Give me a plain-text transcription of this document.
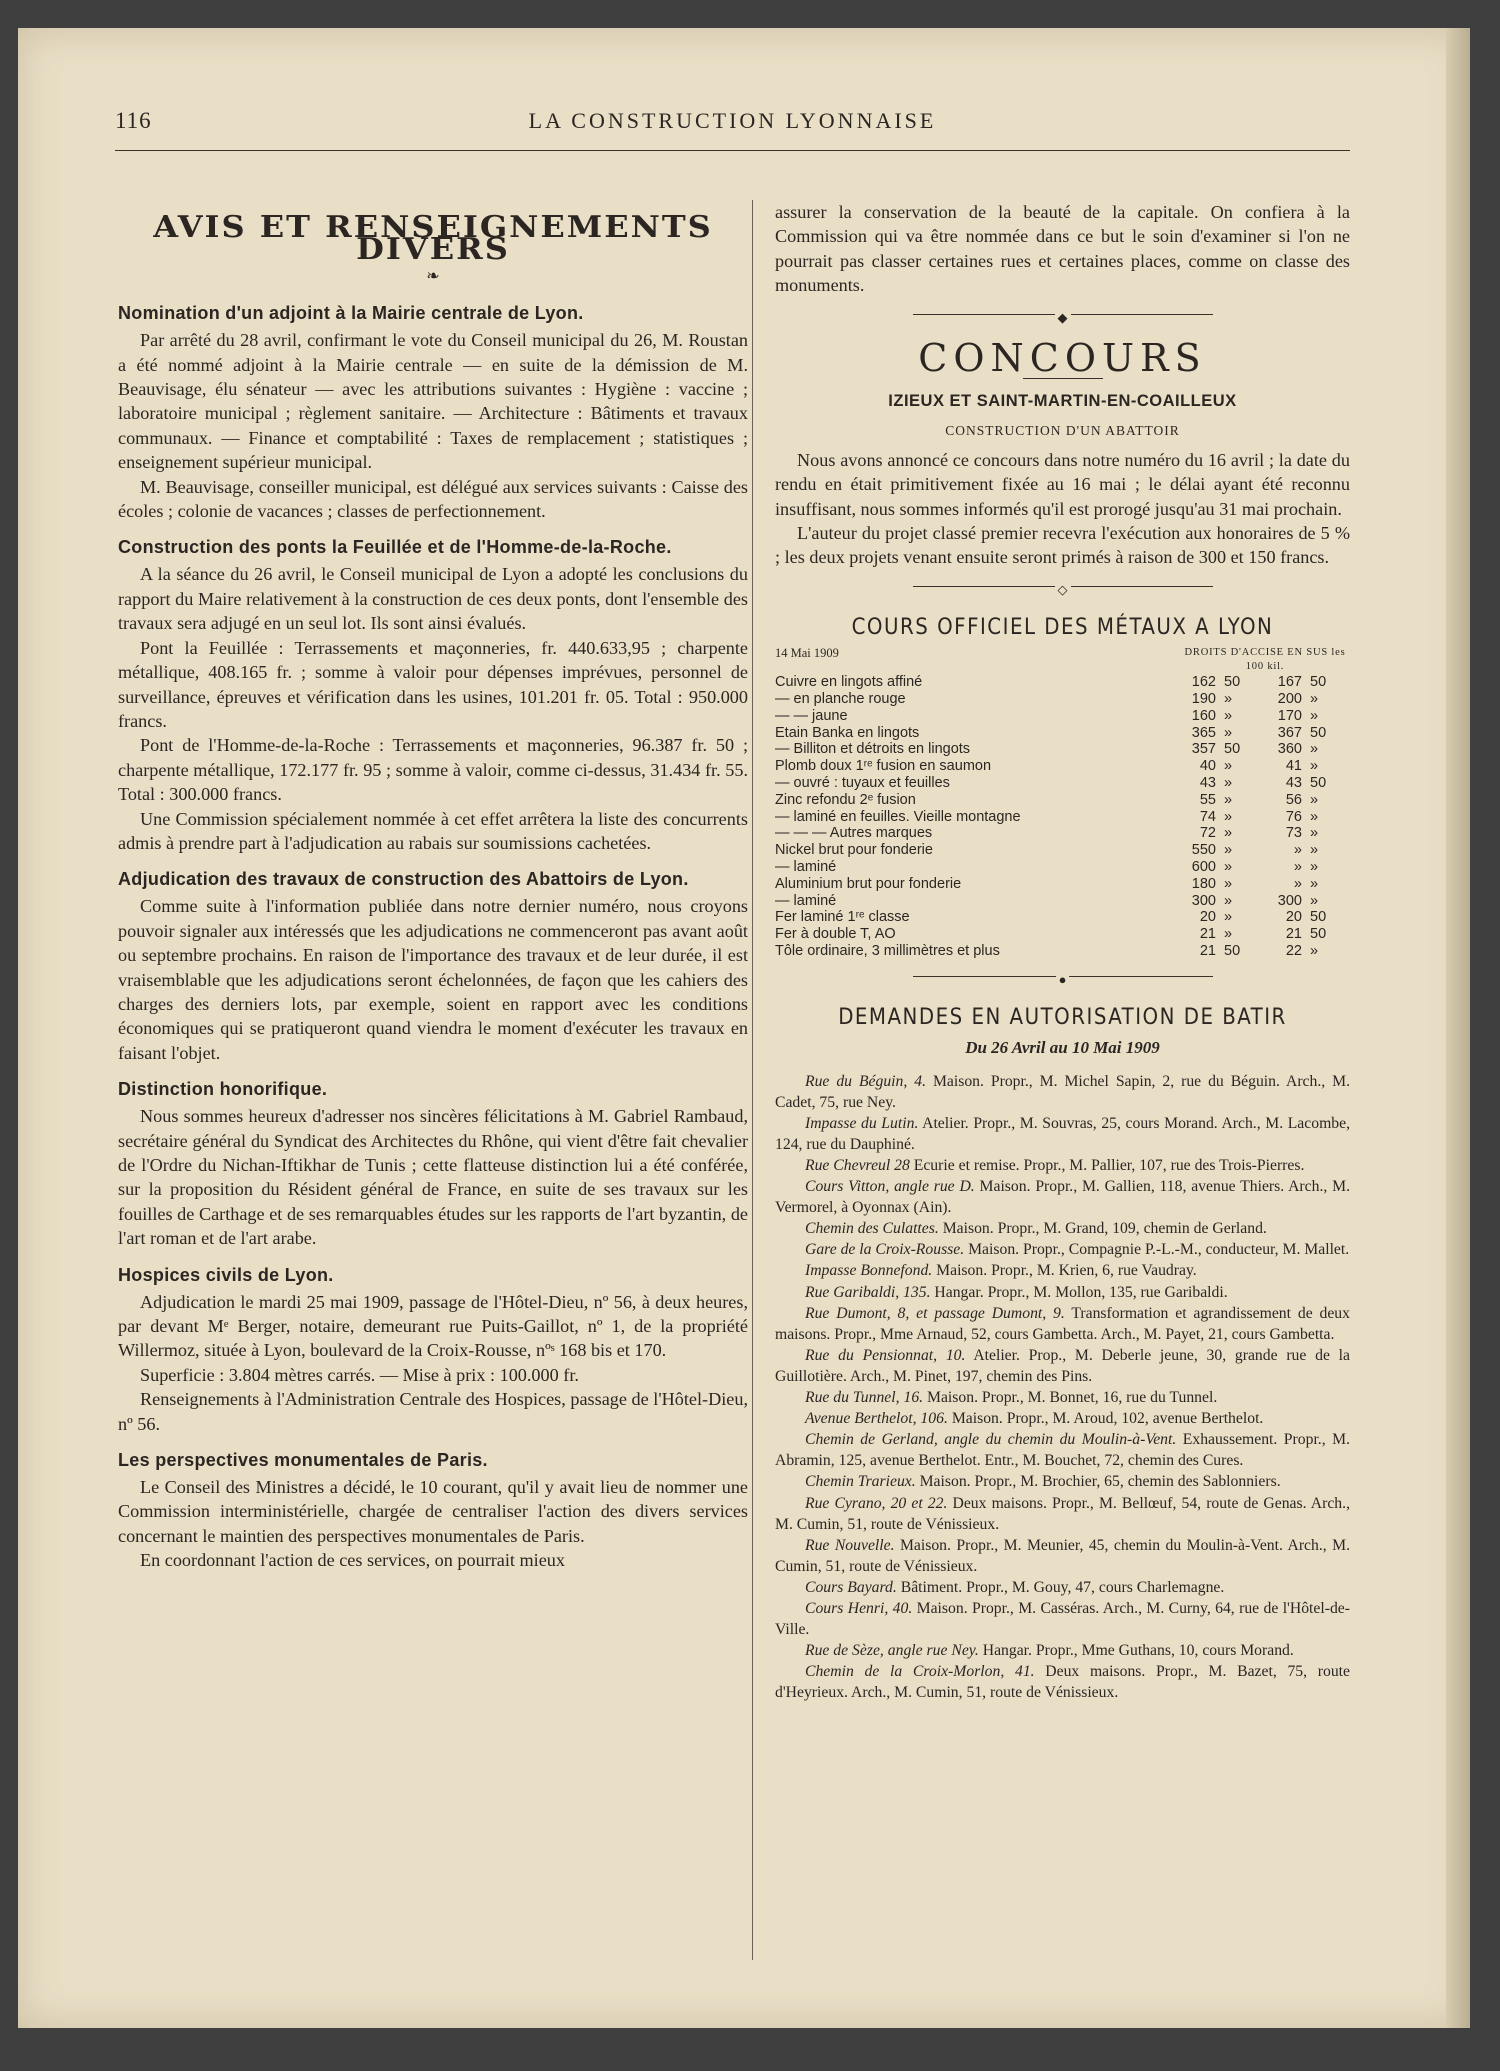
116	LA CONSTRUCTION LYONNAISE
AVIS ET RENSEIGNEMENTS DIVERS
❧
Nomination d'un adjoint à la Mairie centrale de Lyon.

Par arrêté du 28 avril, confirmant le vote du Conseil municipal du 26, M. Roustan a été nommé adjoint à la Mairie centrale — en suite de la démission de M. Beauvisage, élu sénateur — avec les attributions suivantes : Hygiène : vaccine ; laboratoire municipal ; règlement sanitaire. — Architecture : Bâtiments et travaux communaux. — Finance et comptabilité : Taxes de remplacement ; statistiques ; enseignement supérieur municipal.

M. Beauvisage, conseiller municipal, est délégué aux services suivants : Caisse des écoles ; colonie de vacances ; classes de perfectionnement.

Construction des ponts la Feuillée et de l'Homme-de-la-Roche.

A la séance du 26 avril, le Conseil municipal de Lyon a adopté les conclusions du rapport du Maire relativement à la construction de ces deux ponts, dont l'ensemble des travaux sera adjugé en un seul lot. Ils sont ainsi évalués.

Pont la Feuillée : Terrassements et maçonneries, fr. 440.633,95 ; charpente métallique, 408.165 fr. ; somme à valoir pour dépenses imprévues, personnel de surveillance, épreuves et vérification dans les usines, 101.201 fr. 05. Total : 950.000 francs.

Pont de l'Homme-de-la-Roche : Terrassements et maçonneries, 96.387 fr. 50 ; charpente métallique, 172.177 fr. 95 ; somme à valoir, comme ci-dessus, 31.434 fr. 55. Total : 300.000 francs.

Une Commission spécialement nommée à cet effet arrêtera la liste des concurrents admis à prendre part à l'adjudication au rabais sur soumissions cachetées.

Adjudication des travaux de construction des Abattoirs de Lyon.

Comme suite à l'information publiée dans notre dernier numéro, nous croyons pouvoir signaler aux intéressés que les adjudications ne commenceront pas avant août ou septembre prochains. En raison de l'importance des travaux et de leur durée, il est vraisemblable que les adjudications seront échelonnées, de façon que les cahiers des charges des derniers lots, par exemple, soient en rapport avec les conditions économiques qui se pratiqueront quand viendra le moment d'exécuter les travaux en faisant l'objet.

Distinction honorifique.

Nous sommes heureux d'adresser nos sincères félicitations à M. Gabriel Rambaud, secrétaire général du Syndicat des Architectes du Rhône, qui vient d'être fait chevalier de l'Ordre du Nichan-Iftikhar de Tunis ; cette flatteuse distinction lui a été conférée, sur la proposition du Résident général de France, en suite de ses travaux sur les fouilles de Carthage et de ses remarquables études sur les rapports de l'art byzantin, de l'art roman et de l'art arabe.

Hospices civils de Lyon.

Adjudication le mardi 25 mai 1909, passage de l'Hôtel-Dieu, nº 56, à deux heures, par devant Mᵉ Berger, notaire, demeurant rue Puits-Gaillot, nº 1, de la propriété Willermoz, située à Lyon, boulevard de la Croix-Rousse, nºˢ 168 bis et 170.

Superficie : 3.804 mètres carrés. — Mise à prix : 100.000 fr.

Renseignements à l'Administration Centrale des Hospices, passage de l'Hôtel-Dieu, nº 56.

Les perspectives monumentales de Paris.

Le Conseil des Ministres a décidé, le 10 courant, qu'il y avait lieu de nommer une Commission interministérielle, chargée de centraliser l'action des divers services concernant le maintien des perspectives monumentales de Paris.

En coordonnant l'action de ces services, on pourrait mieux

assurer la conservation de la beauté de la capitale. On confiera à la Commission qui va être nommée dans ce but le soin d'examiner si l'on ne pourrait pas classer certaines rues et certaines places, comme on classe des monuments.

◆
CONCOURS
IZIEUX ET SAINT-MARTIN-EN-COAILLEUX
CONSTRUCTION D'UN ABATTOIR

Nous avons annoncé ce concours dans notre numéro du 16 avril ; la date du rendu en était primitivement fixée au 16 mai ; le délai ayant été reconnu insuffisant, nous sommes informés qu'il est prorogé jusqu'au 31 mai prochain.

L'auteur du projet classé premier recevra l'exécution aux honoraires de 5 % ; les deux projets venant ensuite seront primés à raison de 300 et 150 francs.

◇
COURS OFFICIEL DES MÉTAUX A LYON
14 Mai 1909	DROITS D'ACCISE EN SUS les 100 kil.
Cuivre en lingots affiné	162	50	167	50
— en planche rouge	190	»	200	»
— — jaune	160	»	170	»
Etain Banka en lingots	365	»	367	50
— Billiton et détroits en lingots	357	50	360	»
Plomb doux 1ʳᵉ fusion en saumon	40	»	41	»
— ouvré : tuyaux et feuilles	43	»	43	50
Zinc refondu 2ᵉ fusion	55	»	56	»
— laminé en feuilles. Vieille montagne	74	»	76	»
— — — Autres marques	72	»	73	»
Nickel brut pour fonderie	550	»	»	»
— laminé	600	»	»	»
Aluminium brut pour fonderie	180	»	»	»
— laminé	300	»	300	»
Fer laminé 1ʳᵉ classe	20	»	20	50
Fer à double T, AO	21	»	21	50
Tôle ordinaire, 3 millimètres et plus	21	50	22	»
●
DEMANDES EN AUTORISATION DE BATIR
Du 26 Avril au 10 Mai 1909

Rue du Béguin, 4. Maison. Propr., M. Michel Sapin, 2, rue du Béguin. Arch., M. Cadet, 75, rue Ney.

Impasse du Lutin. Atelier. Propr., M. Souvras, 25, cours Morand. Arch., M. Lacombe, 124, rue du Dauphiné.

Rue Chevreul 28 Ecurie et remise. Propr., M. Pallier, 107, rue des Trois-Pierres.

Cours Vitton, angle rue D. Maison. Propr., M. Gallien, 118, avenue Thiers. Arch., M. Vermorel, à Oyonnax (Ain).

Chemin des Culattes. Maison. Propr., M. Grand, 109, chemin de Gerland.

Gare de la Croix-Rousse. Maison. Propr., Compagnie P.-L.-M., conducteur, M. Mallet.

Impasse Bonnefond. Maison. Propr., M. Krien, 6, rue Vaudray.

Rue Garibaldi, 135. Hangar. Propr., M. Mollon, 135, rue Garibaldi.

Rue Dumont, 8, et passage Dumont, 9. Transformation et agrandissement de deux maisons. Propr., Mme Arnaud, 52, cours Gambetta. Arch., M. Payet, 21, cours Gambetta.

Rue du Pensionnat, 10. Atelier. Prop., M. Deberle jeune, 30, grande rue de la Guillotière. Arch., M. Pinet, 197, chemin des Pins.

Rue du Tunnel, 16. Maison. Propr., M. Bonnet, 16, rue du Tunnel.

Avenue Berthelot, 106. Maison. Propr., M. Aroud, 102, avenue Berthelot.

Chemin de Gerland, angle du chemin du Moulin-à-Vent. Exhaussement. Propr., M. Abramin, 125, avenue Berthelot. Entr., M. Bouchet, 72, chemin des Cures.

Chemin Trarieux. Maison. Propr., M. Brochier, 65, chemin des Sablonniers.

Rue Cyrano, 20 et 22. Deux maisons. Propr., M. Bellœuf, 54, route de Genas. Arch., M. Cumin, 51, route de Vénissieux.

Rue Nouvelle. Maison. Propr., M. Meunier, 45, chemin du Moulin-à-Vent. Arch., M. Cumin, 51, route de Vénissieux.

Cours Bayard. Bâtiment. Propr., M. Gouy, 47, cours Charlemagne.

Cours Henri, 40. Maison. Propr., M. Casséras. Arch., M. Curny, 64, rue de l'Hôtel-de-Ville.

Rue de Sèze, angle rue Ney. Hangar. Propr., Mme Guthans, 10, cours Morand.

Chemin de la Croix-Morlon, 41. Deux maisons. Propr., M. Bazet, 75, route d'Heyrieux. Arch., M. Cumin, 51, route de Vénissieux.
